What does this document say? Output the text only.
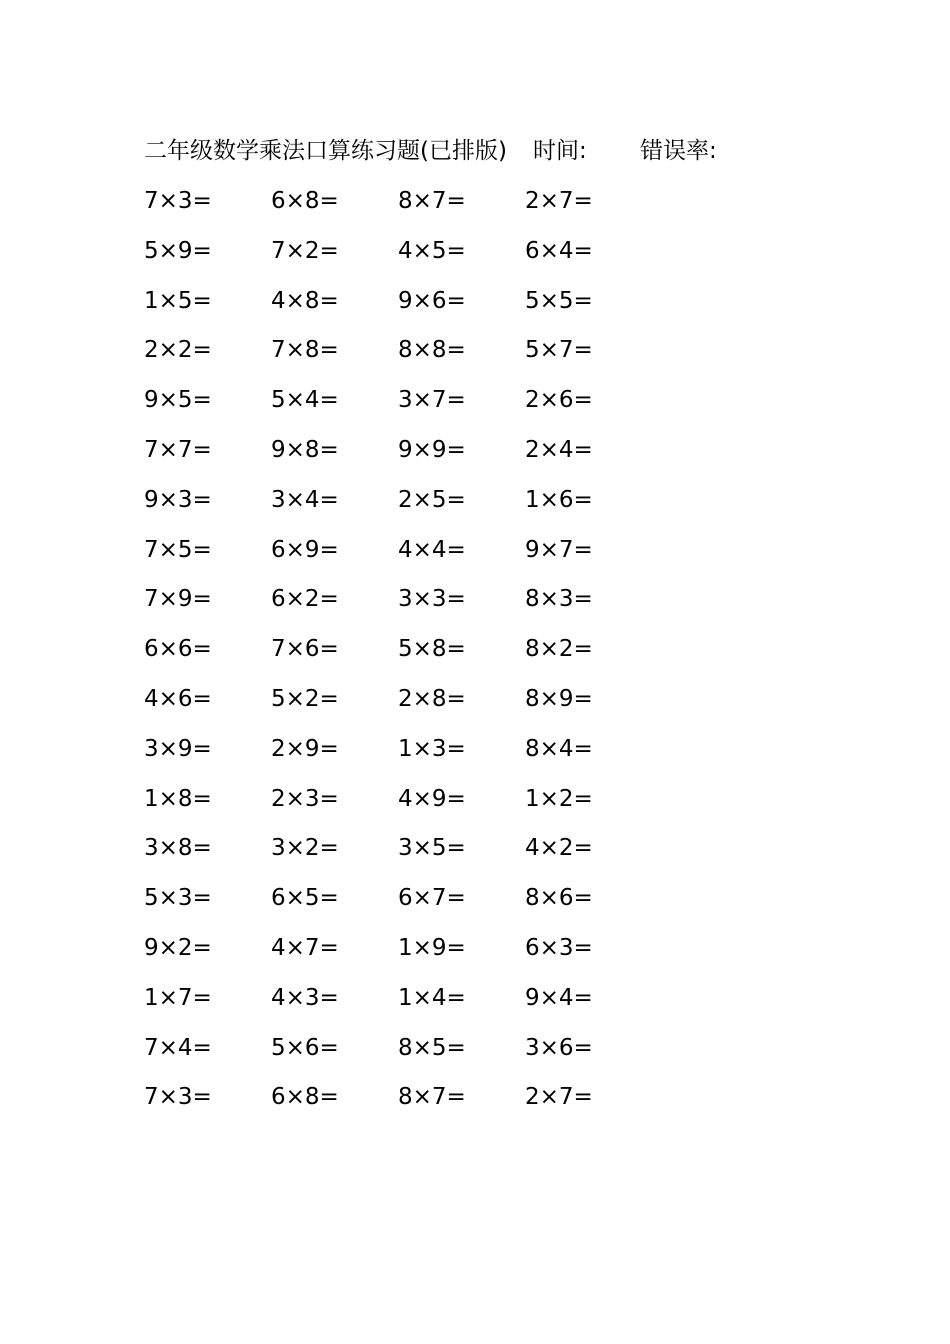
二年级数学乘法口算练习题(已排版) 时间: 错误率:
7×3=	6×8=	8×7=	2×7=
5×9=	7×2=	4×5=	6×4=
1×5=	4×8=	9×6=	5×5=
2×2=	7×8=	8×8=	5×7=
9×5=	5×4=	3×7=	2×6=
7×7=	9×8=	9×9=	2×4=
9×3=	3×4=	2×5=	1×6=
7×5=	6×9=	4×4=	9×7=
7×9=	6×2=	3×3=	8×3=
6×6=	7×6=	5×8=	8×2=
4×6=	5×2=	2×8=	8×9=
3×9=	2×9=	1×3=	8×4=
1×8=	2×3=	4×9=	1×2=
3×8=	3×2=	3×5=	4×2=
5×3=	6×5=	6×7=	8×6=
9×2=	4×7=	1×9=	6×3=
1×7=	4×3=	1×4=	9×4=
7×4=	5×6=	8×5=	3×6=
7×3=	6×8=	8×7=	2×7=
